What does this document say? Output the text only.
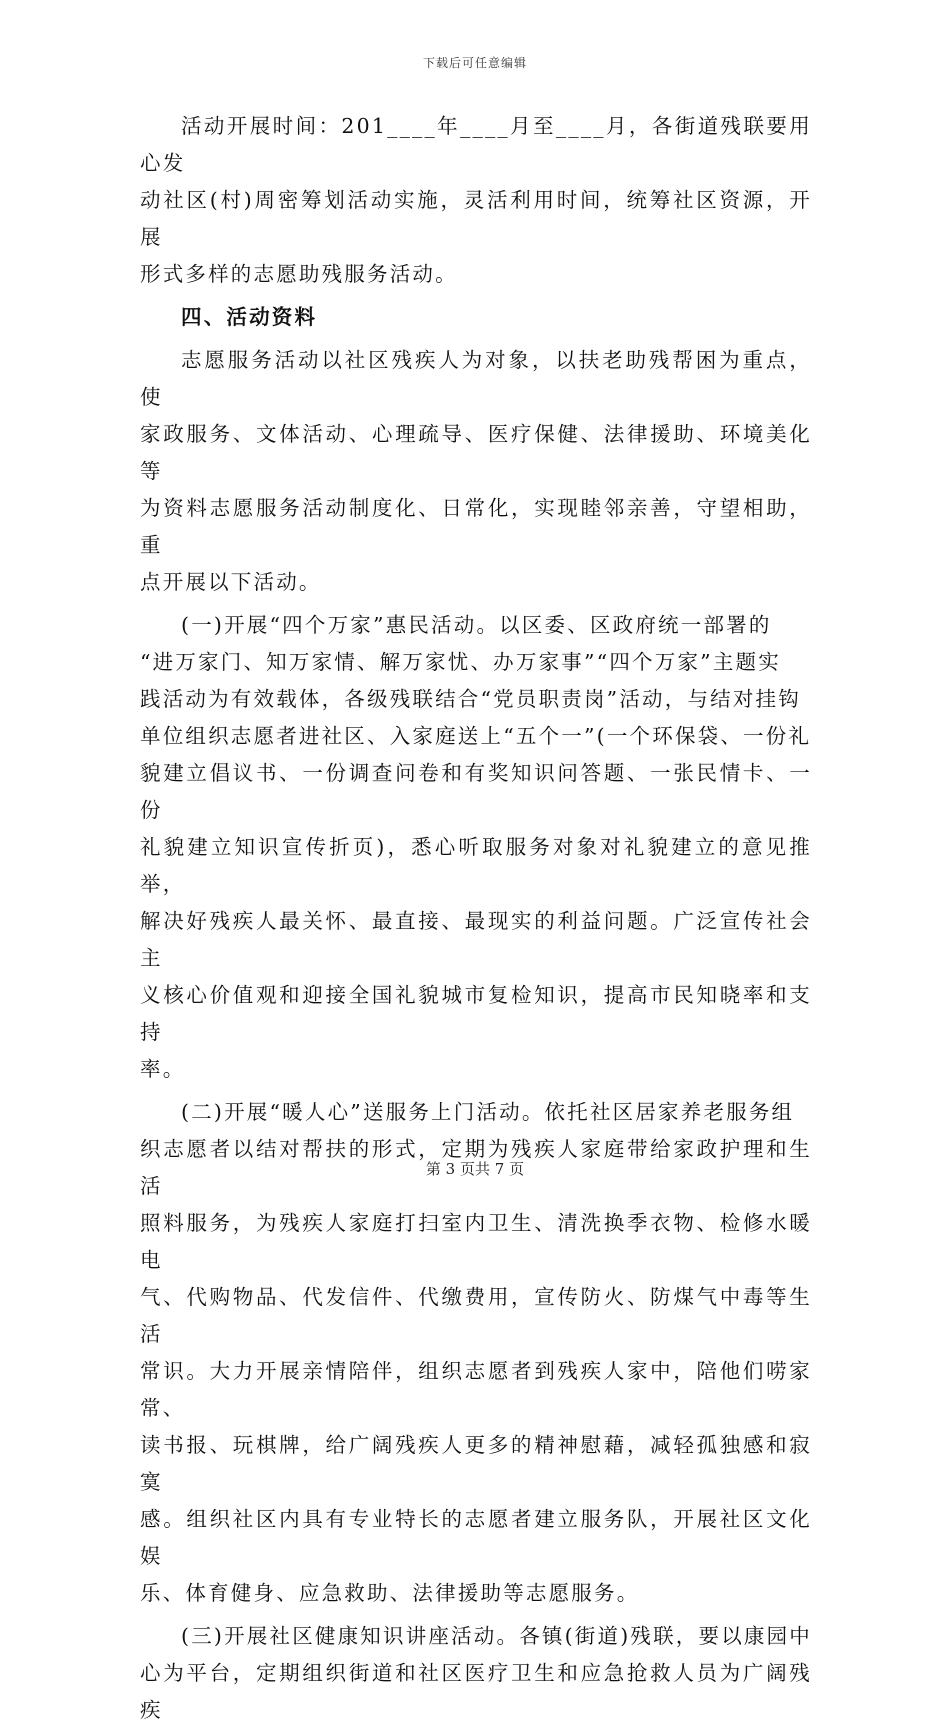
下载后可任意编辑
活动开展时间：201____年____月至____月，各街道残联要用心发
动社区(村)周密筹划活动实施，灵活利用时间，统筹社区资源，开展
形式多样的志愿助残服务活动。
四、活动资料
志愿服务活动以社区残疾人为对象，以扶老助残帮困为重点，使
家政服务、文体活动、心理疏导、医疗保健、法律援助、环境美化等
为资料志愿服务活动制度化、日常化，实现睦邻亲善，守望相助，重
点开展以下活动。
(一)开展“四个万家”惠民活动。以区委、区政府统一部署的
“进万家门、知万家情、解万家忧、办万家事”“四个万家”主题实
践活动为有效载体，各级残联结合“党员职责岗”活动，与结对挂钩
单位组织志愿者进社区、入家庭送上“五个一”(一个环保袋、一份礼
貌建立倡议书、一份调查问卷和有奖知识问答题、一张民情卡、一份
礼貌建立知识宣传折页)，悉心听取服务对象对礼貌建立的意见推举，
解决好残疾人最关怀、最直接、最现实的利益问题。广泛宣传社会主
义核心价值观和迎接全国礼貌城市复检知识，提高市民知晓率和支持
率。
(二)开展“暖人心”送服务上门活动。依托社区居家养老服务组
织志愿者以结对帮扶的形式，定期为残疾人家庭带给家政护理和生活
照料服务，为残疾人家庭打扫室内卫生、清洗换季衣物、检修水暖电
气、代购物品、代发信件、代缴费用，宣传防火、防煤气中毒等生活
常识。大力开展亲情陪伴，组织志愿者到残疾人家中，陪他们唠家常、
读书报、玩棋牌，给广阔残疾人更多的精神慰藉，减轻孤独感和寂寞
感。组织社区内具有专业特长的志愿者建立服务队，开展社区文化娱
乐、体育健身、应急救助、法律援助等志愿服务。
(三)开展社区健康知识讲座活动。各镇(街道)残联，要以康园中
心为平台，定期组织街道和社区医疗卫生和应急抢救人员为广阔残疾
第 3 页共 7 页
